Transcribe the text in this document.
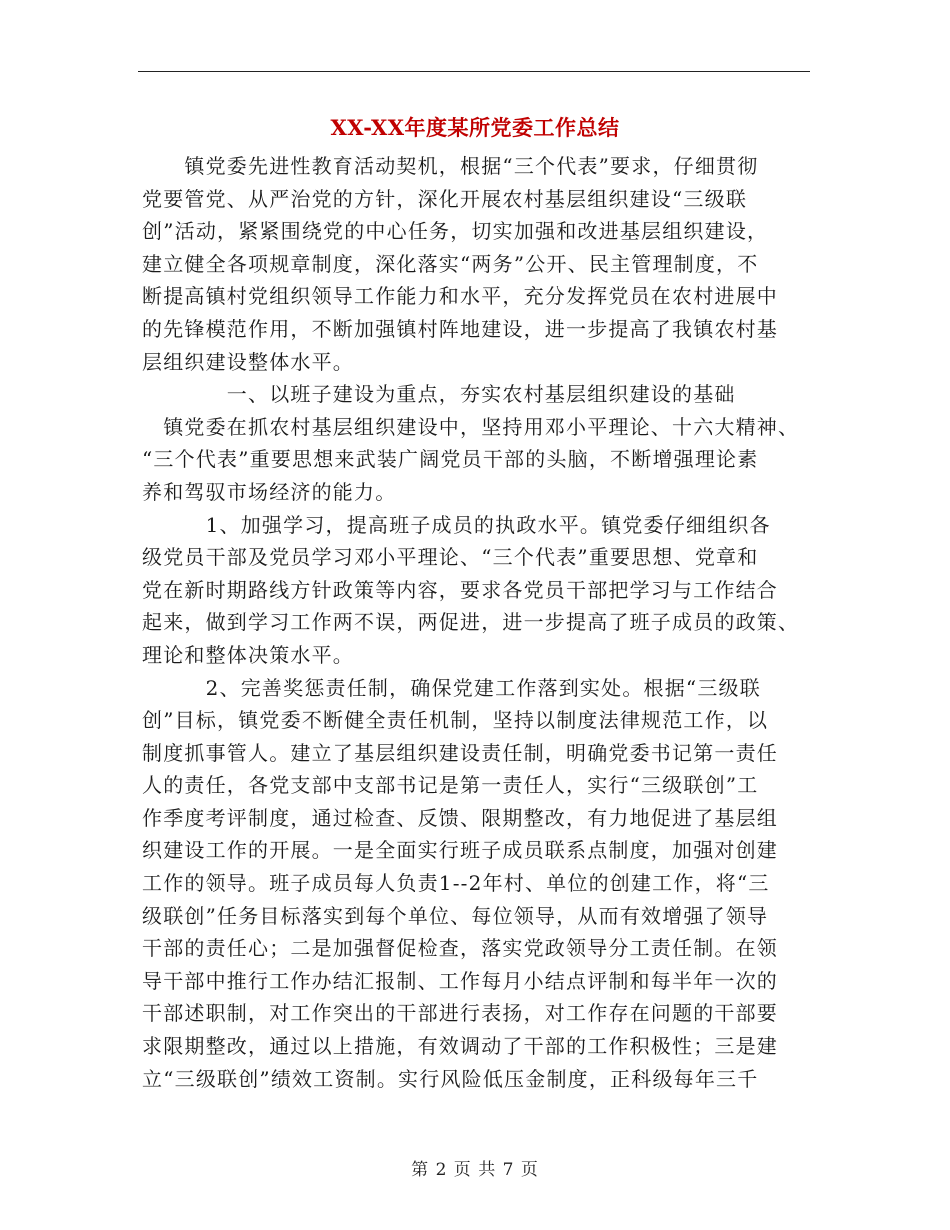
XX-XX年度某所党委工作总结
　　镇党委先进性教育活动契机，根据“三个代表”要求，仔细贯彻
党要管党、从严治党的方针，深化开展农村基层组织建设“三级联
创”活动，紧紧围绕党的中心任务，切实加强和改进基层组织建设，
建立健全各项规章制度，深化落实“两务”公开、民主管理制度，不
断提高镇村党组织领导工作能力和水平，充分发挥党员在农村进展中
的先锋模范作用，不断加强镇村阵地建设，进一步提高了我镇农村基
层组织建设整体水平。
　　　　一、以班子建设为重点，夯实农村基层组织建设的基础
　镇党委在抓农村基层组织建设中，坚持用邓小平理论、十六大精神、
“三个代表”重要思想来武装广阔党员干部的头脑，不断增强理论素
养和驾驭市场经济的能力。
　　　1、加强学习，提高班子成员的执政水平。镇党委仔细组织各
级党员干部及党员学习邓小平理论、“三个代表”重要思想、党章和
党在新时期路线方针政策等内容，要求各党员干部把学习与工作结合
起来，做到学习工作两不误，两促进，进一步提高了班子成员的政策、
理论和整体决策水平。
　　　2、完善奖惩责任制，确保党建工作落到实处。根据“三级联
创”目标，镇党委不断健全责任机制，坚持以制度法律规范工作，以
制度抓事管人。建立了基层组织建设责任制，明确党委书记第一责任
人的责任，各党支部中支部书记是第一责任人，实行“三级联创”工
作季度考评制度，通过检查、反馈、限期整改，有力地促进了基层组
织建设工作的开展。一是全面实行班子成员联系点制度，加强对创建
工作的领导。班子成员每人负责1--2年村、单位的创建工作，将“三
级联创”任务目标落实到每个单位、每位领导，从而有效增强了领导
干部的责任心；二是加强督促检查，落实党政领导分工责任制。在领
导干部中推行工作办结汇报制、工作每月小结点评制和每半年一次的
干部述职制，对工作突出的干部进行表扬，对工作存在问题的干部要
求限期整改，通过以上措施，有效调动了干部的工作积极性；三是建
立“三级联创”绩效工资制。实行风险低压金制度，正科级每年三千
第 2 页 共 7 页
